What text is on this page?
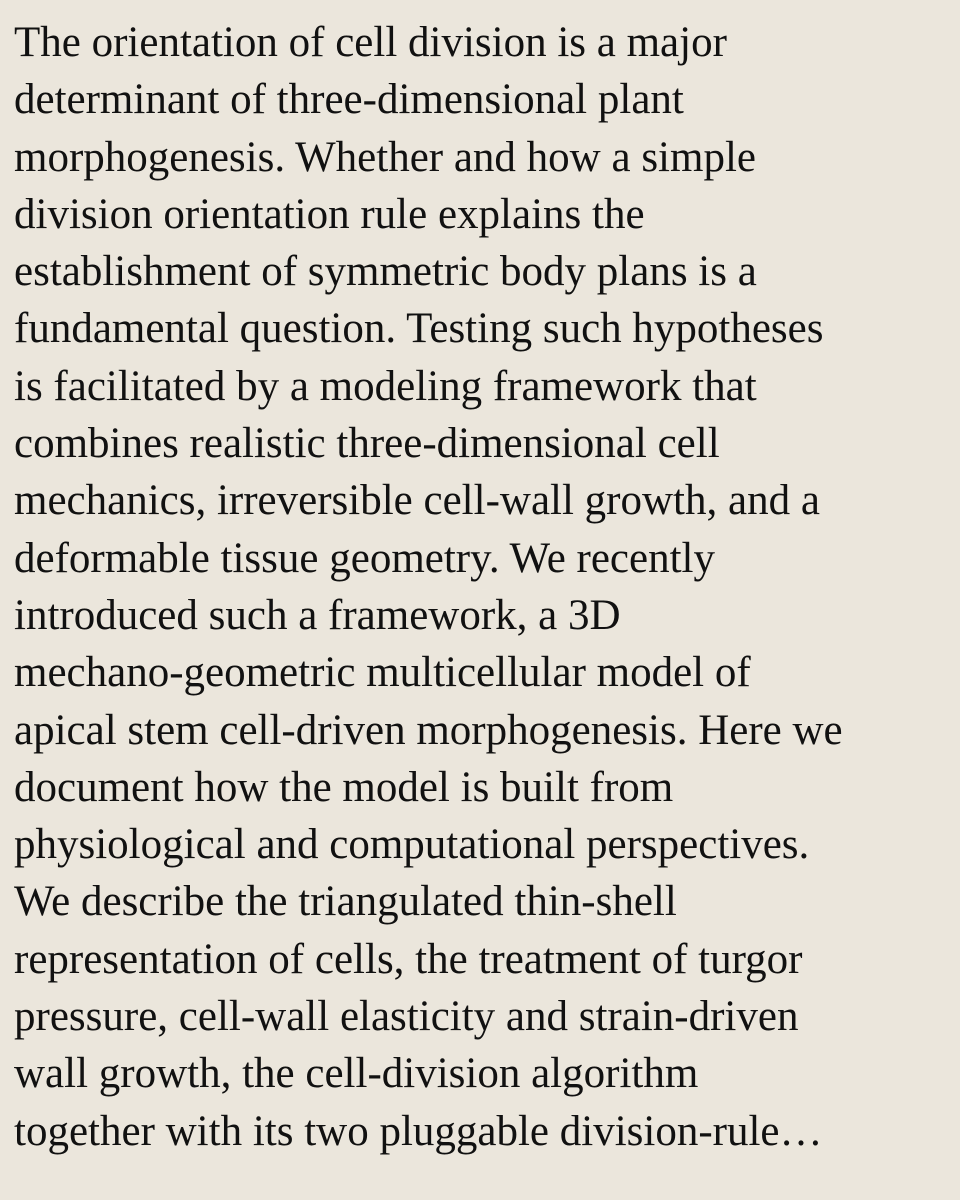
The orientation of cell division is a major
determinant of three-dimensional plant
morphogenesis. Whether and how a simple
division orientation rule explains the
establishment of symmetric body plans is a
fundamental question. Testing such hypotheses
is facilitated by a modeling framework that
combines realistic three-dimensional cell
mechanics, irreversible cell-wall growth, and a
deformable tissue geometry. We recently
introduced such a framework, a 3D
mechano-geometric multicellular model of
apical stem cell-driven morphogenesis. Here we
document how the model is built from
physiological and computational perspectives.
We describe the triangulated thin-shell
representation of cells, the treatment of turgor
pressure, cell-wall elasticity and strain-driven
wall growth, the cell-division algorithm
together with its two pluggable division-rule…
